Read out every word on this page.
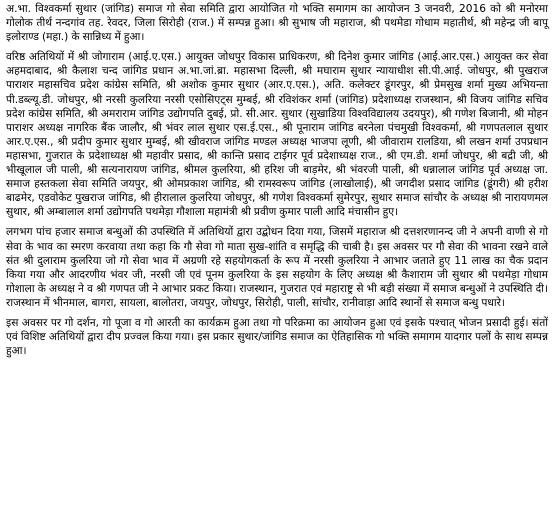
अ.भा. विश्वकर्मा सुथार (जांगिड) समाज गो सेवा समिति द्वारा आयोजित गो भक्ति समागम का आयोजन 3 जनवरी, 2016 को श्री मनोरमा गोलोक तीर्थ नन्दगांव तह. रेवदर, जिला सिरोही (राज.) में सम्पन्न हुआ। श्री सुभाष जी महाराज, श्री पथमेडा गोधाम महातीर्थ, श्री महेन्द्र जी बापू इलोराण्ड (महा.) के सान्निध्य में हुआ।

वरिष्ठ अतिथियों में श्री जोगाराम (आई.ए.एस.) आयुक्त जोधपुर विकास प्राधिकरण, श्री दिनेश कुमार जांगिड (आई.आर.एस.) आयुक्त कर सेवा अहमदाबाद, श्री कैलाश चन्द जांगिड प्रधान अ.भा.जां.ब्रा. महासभा दिल्ली, श्री मघाराम सुथार न्यायाधीश सी.पी.आई. जोधपुर, श्री पुखराज पाराशर महासचिव प्रदेश कांग्रेस समिति, श्री अशोक कुमार सुथार (आर.ए.एस.), अति. कलेक्टर डूंगरपुर, श्री प्रेमसुख शर्मा मुख्य अभियन्ता पी.डब्ल्यू.डी. जोधपुर, श्री नरसी कुलरिया नरसी एसोसिएट्स मुम्बई, श्री रविशंकर शर्मा (जांगिड) प्रदेशाध्यक्ष राजस्थान, श्री विजय जांगिड सचिव प्रदेश कांग्रेस समिति, श्री अमराराम जांगिड उद्योगपति दुबई, प्रो. सी.आर. सुथार (सुखाडिया विश्वविद्यालय उदयपुर), श्री गणेश बिजानी, श्री मोहन पाराशर अध्यक्ष नागरिक बैंक जालौर, श्री भंवर लाल सुथार एस.ई.एस., श्री पूनाराम जांगिड बरनेला पंचमुखी विश्वकर्मा, श्री गणपतलाल सुथार आर.ए.एस., श्री प्रदीप कुमार सुथार मुम्बई, श्री खीवराज जांगिड मण्डल अध्यक्ष भाजपा लूणी, श्री जीवाराम रालडिया, श्री लखन शर्मा उपप्रधान महासभा, गुजरात के प्रदेशाध्यक्ष श्री महावीर प्रसाद, श्री कान्ति प्रसाद टाईगर पूर्व प्रदेशाध्यक्ष राज., श्री एम.डी. शर्मा जोधपुर, श्री बद्री जी, श्री भीखूलाल जी पाली, श्री सत्यनारायण जांगिड, श्रीमल कुलरिया, श्री हरिश जी बाड़मेर, श्री भंवरजी पाली, श्री धन्नालाल जांगिड पूर्व अध्यक्ष जा. समाज हस्तकला सेवा समिति जयपुर, श्री ओमप्रकाश जांगिड, श्री रामस्वरूप जांगिड (लाखोलाई), श्री जगदीश प्रसाद जांगिड (डूंगरी) श्री हरीश बाढमेर, एडवोकेट पुखराज जांगिड, श्री हीरालाल कुलरिया जोधपुर, श्री गणेश विश्वकर्मा सुमेरपुर, सुथार समाज सांचौर के अध्यक्ष श्री नारायणमल सुथार, श्री अम्बालाल शर्मा उद्योगपति पथमेड़ा गौशाला महामंत्री श्री प्रवीण कुमार पाली आदि मंचासीन हुए।

लगभग पांच हजार समाज बन्धुओं की उपस्थिति में अतिथियों द्वारा उद्बोधन दिया गया, जिसमें महाराज श्री दत्तशरणानन्द जी ने अपनी वाणी से गो सेवा के भाव का स्मरण करवाया तथा कहा कि गौ सेवा गो माता सुख-शांति व समृद्धि की चाबी है। इस अवसर पर गौ सेवा की भावना रखने वाले संत श्री दुलाराम कुलरिया जो गो सेवा भाव में अग्रणी रहे सहयोगकर्ता के रूप में नरसी कुलरिया ने आभार जताते हुए 11 लाख का चैक प्रदान किया गया और आदरणीय भंवर जी, नरसी जी एवं पूनम कुलरिया के इस सहयोग के लिए अध्यक्ष श्री कैशाराम जी सुथार श्री पथमेड़ा गोधाम गोशाला के अध्यक्ष ने व श्री गणपत जी ने आभार प्रकट किया। राजस्थान, गुजरात एवं महाराष्ट्र से भी बड़ी संख्या में समाज बन्धुओं ने उपस्थिति दी। राजस्थान में भीनमाल, बागरा, सायला, बालोतरा, जयपुर, जोधपुर, सिरोही, पाली, सांचौर, रानीवाड़ा आदि स्थानों से समाज बन्धु पधारे।

इस अवसर पर गो दर्शन, गो पूजा व गो आरती का कार्यक्रम हुआ तथा गो परिक्रमा का आयोजन हुआ एवं इसके पश्चात् भोजन प्रसादी हुई। संतों एवं विशिष्ट अतिथियों द्वारा दीप प्रज्वल किया गया। इस प्रकार सुथार/जांगिड समाज का ऐतिहासिक गो भक्ति समागम यादगार पलों के साथ सम्पन्न हुआ।
